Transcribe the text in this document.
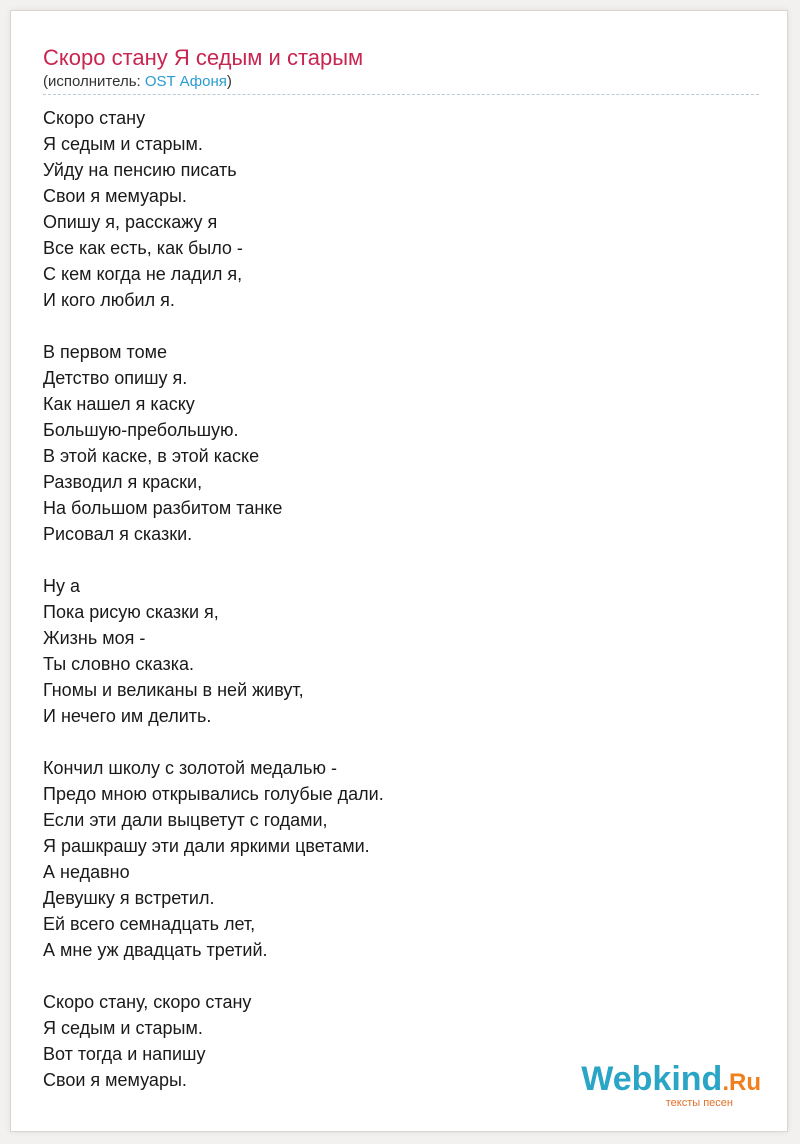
Скоро стану Я седым и старым
(исполнитель: OST Афоня)
Скоро стану
Я седым и старым.
Уйду на пенсию писать
Свои я мемуары.
Опишу я, расскажу я
Все как есть, как было -
С кем когда не ладил я,
И кого любил я.
В первом томе
Детство опишу я.
Как нашел я каску
Большую-пребольшую.
В этой каске, в этой каске
Разводил я краски,
На большом разбитом танке
Рисовал я сказки.
Ну а
Пока рисую сказки я,
Жизнь моя -
Ты словно сказка.
Гномы и великаны в ней живут,
И нечего им делить.
Кончил школу с золотой медалью -
Предо мною открывались голубые дали.
Если эти дали выцветут с годами,
Я рашкрашу эти дали яркими цветами.
А недавно
Девушку я встретил.
Ей всего семнадцать лет,
А мне уж двадцать третий.
Скоро стану, скоро стану
Я седым и старым.
Вот тогда и напишу
Свои я мемуары.	Webkind.Ru
тексты песен
